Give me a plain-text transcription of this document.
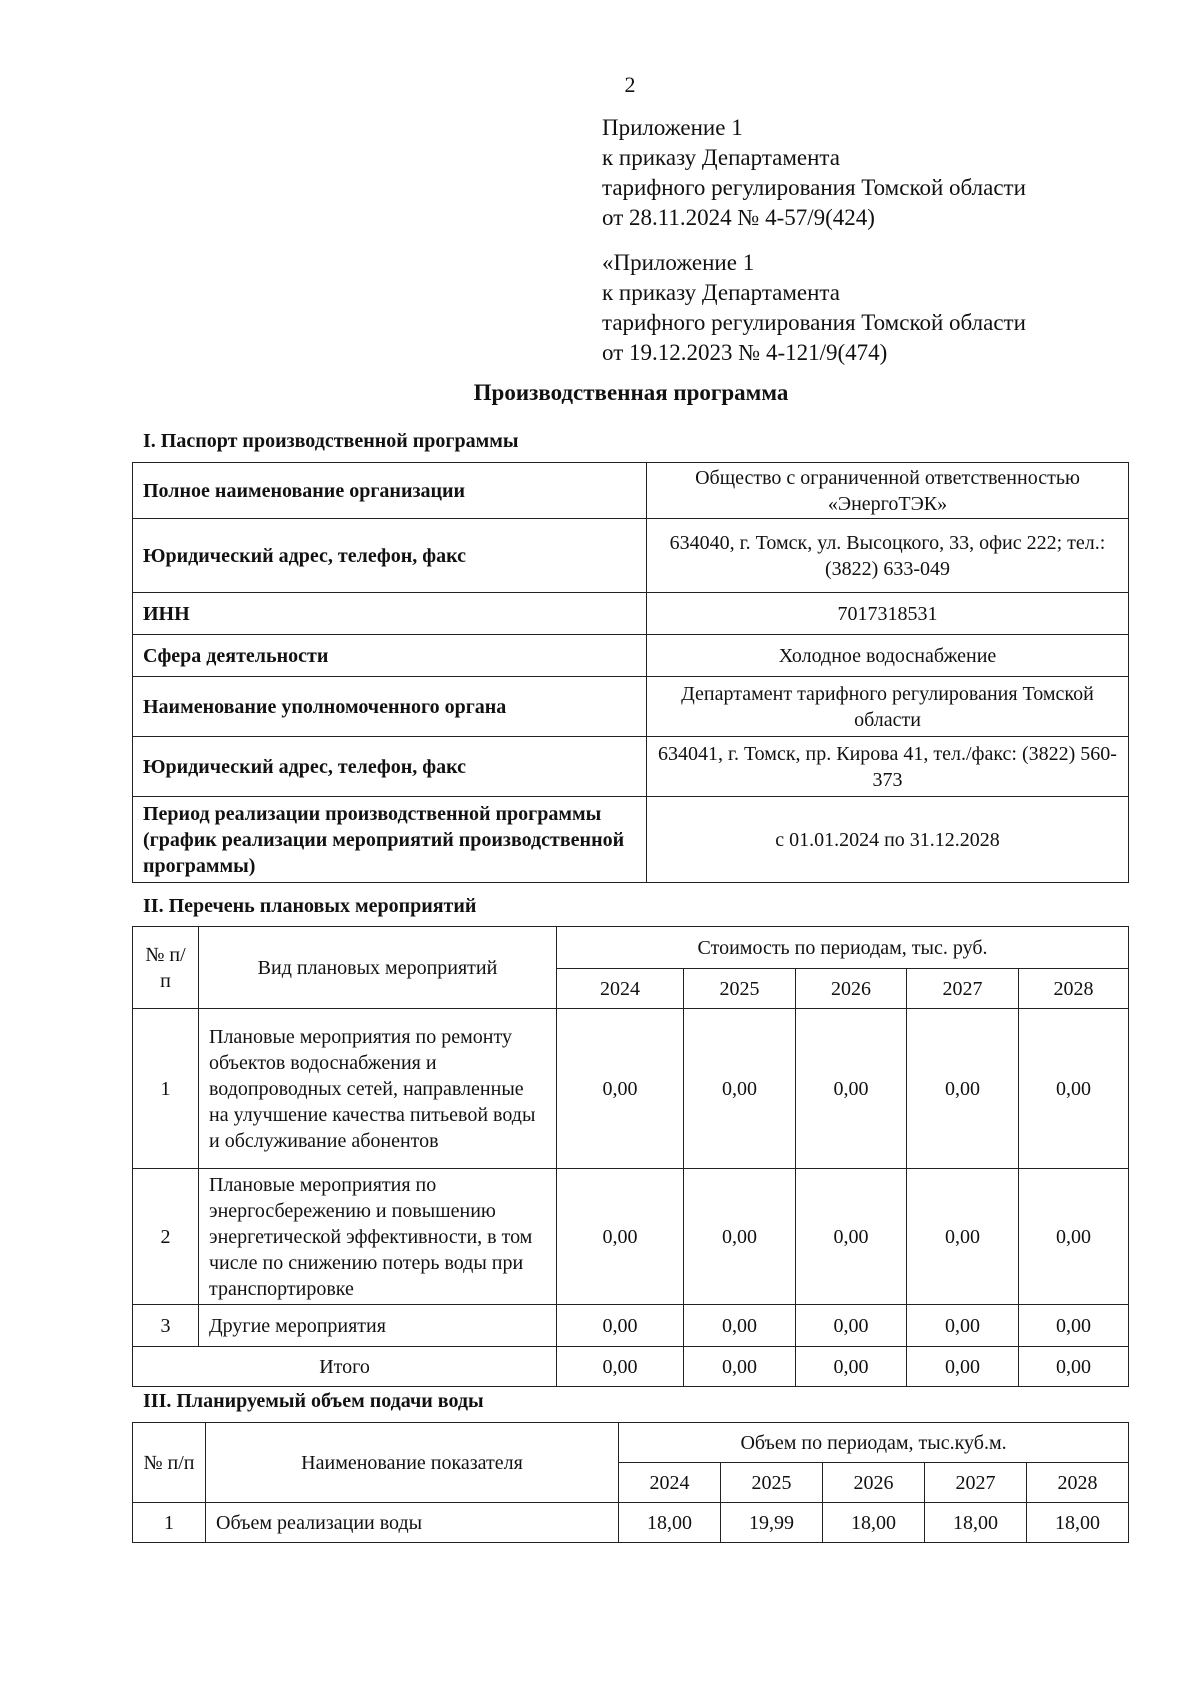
2
Приложение 1
к приказу Департамента
тарифного регулирования Томской области
от 28.11.2024 № 4-57/9(424)
«Приложение 1
к приказу Департамента
тарифного регулирования Томской области
от 19.12.2023 № 4-121/9(474)
Производственная программа
I. Паспорт производственной программы
Полное наименование организации	Общество с ограниченной ответственностью «ЭнергоТЭК»
Юридический адрес, телефон, факс	634040, г. Томск, ул. Высоцкого, 33, офис 222; тел.: (3822) 633-049
ИНН	7017318531
Сфера деятельности	Холодное водоснабжение
Наименование уполномоченного органа	Департамент тарифного регулирования Томской области
Юридический адрес, телефон, факс	634041, г. Томск, пр. Кирова 41, тел./факс: (3822) 560-373
Период реализации производственной программы (график реализации мероприятий производственной программы)	с 01.01.2024 по 31.12.2028
II. Перечень плановых мероприятий
№ п/п	Вид плановых мероприятий	Стоимость по периодам, тыс. руб.				
		2024	2025	2026	2027	2028
1	Плановые мероприятия по ремонту объектов водоснабжения и водопроводных сетей, направленные на улучшение качества питьевой воды и обслуживание абонентов	0,00	0,00	0,00	0,00	0,00
2	Плановые мероприятия по энергосбережению и повышению энергетической эффективности, в том числе по снижению потерь воды при транспортировке	0,00	0,00	0,00	0,00	0,00
3	Другие мероприятия	0,00	0,00	0,00	0,00	0,00
Итого		0,00	0,00	0,00	0,00	0,00
III. Планируемый объем подачи воды
№ п/п	Наименование показателя	Объем по периодам, тыс.куб.м.				
		2024	2025	2026	2027	2028
1	Объем реализации воды	18,00	19,99	18,00	18,00	18,00
